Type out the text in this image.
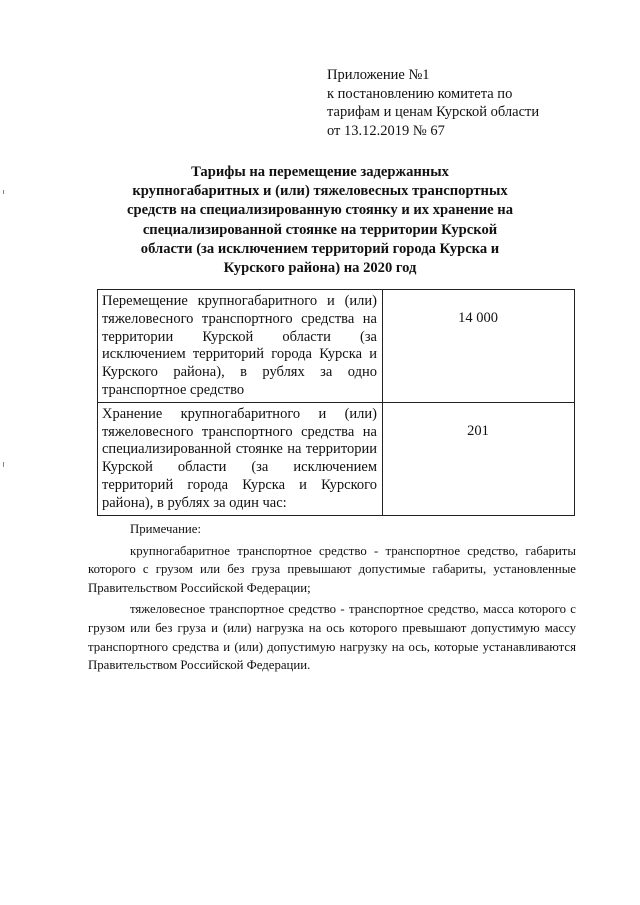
Приложение №1
к постановлению комитета по
тарифам и ценам Курской области
от 13.12.2019 № 67
Тарифы на перемещение задержанных
крупногабаритных и (или) тяжеловесных транспортных
средств на специализированную стоянку и их хранение на
специализированной стоянке на территории Курской
области (за исключением территорий города Курска и
Курского района) на 2020 год
Перемещение крупногабаритного и (или) тяжеловесного транспортного средства на территории Курской области (за исключением территорий города Курска и Курского района), в рублях за одно транспортное средство	14 000
Хранение крупногабаритного и (или) тяжеловесного транспортного средства на специализированной стоянке на территории Курской области (за исключением территорий города Курска и Курского района), в рублях за один час:	201
Примечание:

крупногабаритное транспортное средство - транспортное средство, габариты которого с грузом или без груза превышают допустимые габариты, установленные Правительством Российской Федерации;

тяжеловесное транспортное средство - транспортное средство, масса которого с грузом или без груза и (или) нагрузка на ось которого превышают допустимую массу транспортного средства и (или) допустимую нагрузку на ось, которые устанавливаются Правительством Российской Федерации.
